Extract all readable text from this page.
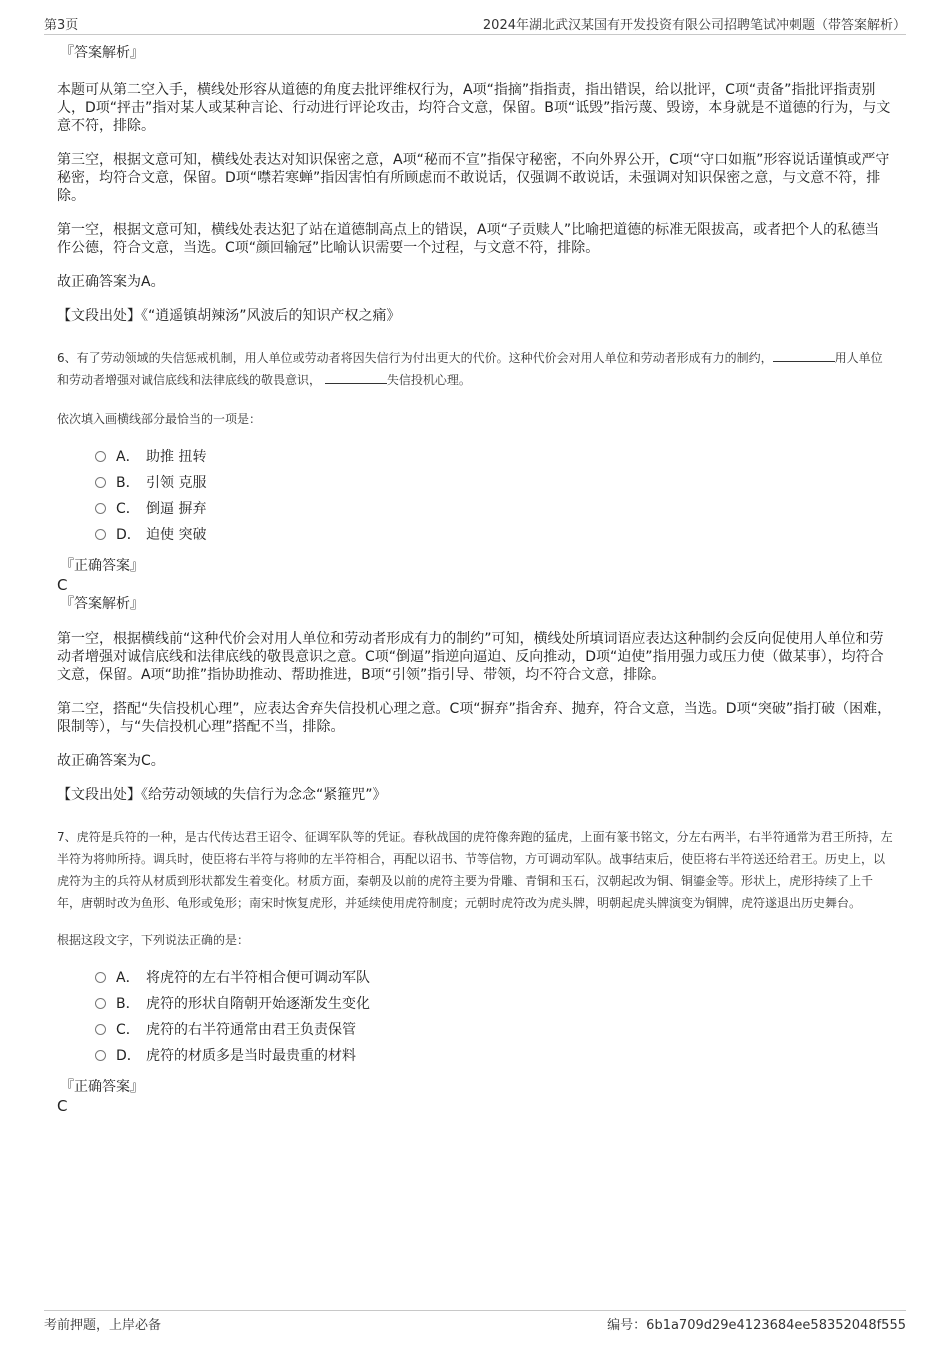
第3页	2024年湖北武汉某国有开发投资有限公司招聘笔试冲刺题（带答案解析）
『答案解析』
本题可从第二空入手，横线处形容从道德的角度去批评维权行为，A项“指摘”指指责，指出错误，给以批评，C项“责备”指批评指责别人，D项“抨击”指对某人或某种言论、行动进行评论攻击，均符合文意，保留。B项“诋毁”指污蔑、毁谤，本身就是不道德的行为，与文意不符，排除。
第三空，根据文意可知，横线处表达对知识保密之意，A项“秘而不宣”指保守秘密，不向外界公开，C项“守口如瓶”形容说话谨慎或严守秘密，均符合文意，保留。D项“噤若寒蝉”指因害怕有所顾虑而不敢说话，仅强调不敢说话，未强调对知识保密之意，与文意不符，排除。
第一空，根据文意可知，横线处表达犯了站在道德制高点上的错误，A项“子贡赎人”比喻把道德的标准无限拔高，或者把个人的私德当作公德，符合文意，当选。C项“颜回输冠”比喻认识需要一个过程，与文意不符，排除。
故正确答案为A。
【文段出处】《“逍遥镇胡辣汤”风波后的知识产权之痛》
6、有了劳动领域的失信惩戒机制，用人单位或劳动者将因失信行为付出更大的代价。这种代价会对用人单位和劳动者形成有力的制约，	用人单位和劳动者增强对诚信底线和法律底线的敬畏意识，	失信投机心理。
依次填入画横线部分最恰当的一项是：
A． 助推 扭转
B． 引领 克服
C． 倒逼 摒弃
D． 迫使 突破
『正确答案』
C
『答案解析』
第一空，根据横线前“这种代价会对用人单位和劳动者形成有力的制约”可知，横线处所填词语应表达这种制约会反向促使用人单位和劳动者增强对诚信底线和法律底线的敬畏意识之意。C项“倒逼”指逆向逼迫、反向推动，D项“迫使”指用强力或压力使（做某事），均符合文意，保留。A项“助推”指协助推动、帮助推进，B项“引领”指引导、带领，均不符合文意，排除。
第二空，搭配“失信投机心理”，应表达舍弃失信投机心理之意。C项“摒弃”指舍弃、抛弃，符合文意，当选。D项“突破”指打破（困难，限制等），与“失信投机心理”搭配不当，排除。
故正确答案为C。
【文段出处】《给劳动领域的失信行为念念“紧箍咒”》
7、虎符是兵符的一种，是古代传达君王诏令、征调军队等的凭证。春秋战国的虎符像奔跑的猛虎，上面有篆书铭文，分左右两半，右半符通常为君王所持，左半符为将帅所持。调兵时，使臣将右半符与将帅的左半符相合，再配以诏书、节等信物，方可调动军队。战事结束后，使臣将右半符送还给君王。历史上，以虎符为主的兵符从材质到形状都发生着变化。材质方面，秦朝及以前的虎符主要为骨雕、青铜和玉石，汉朝起改为铜、铜鎏金等。形状上，虎形持续了上千年，唐朝时改为鱼形、龟形或兔形；南宋时恢复虎形，并延续使用虎符制度；元朝时虎符改为虎头牌，明朝起虎头牌演变为铜牌，虎符遂退出历史舞台。
根据这段文字，下列说法正确的是：
A． 将虎符的左右半符相合便可调动军队
B． 虎符的形状自隋朝开始逐渐发生变化
C． 虎符的右半符通常由君王负责保管
D． 虎符的材质多是当时最贵重的材料
『正确答案』
C
考前押题，上岸必备	编号：6b1a709d29e4123684ee58352048f555
